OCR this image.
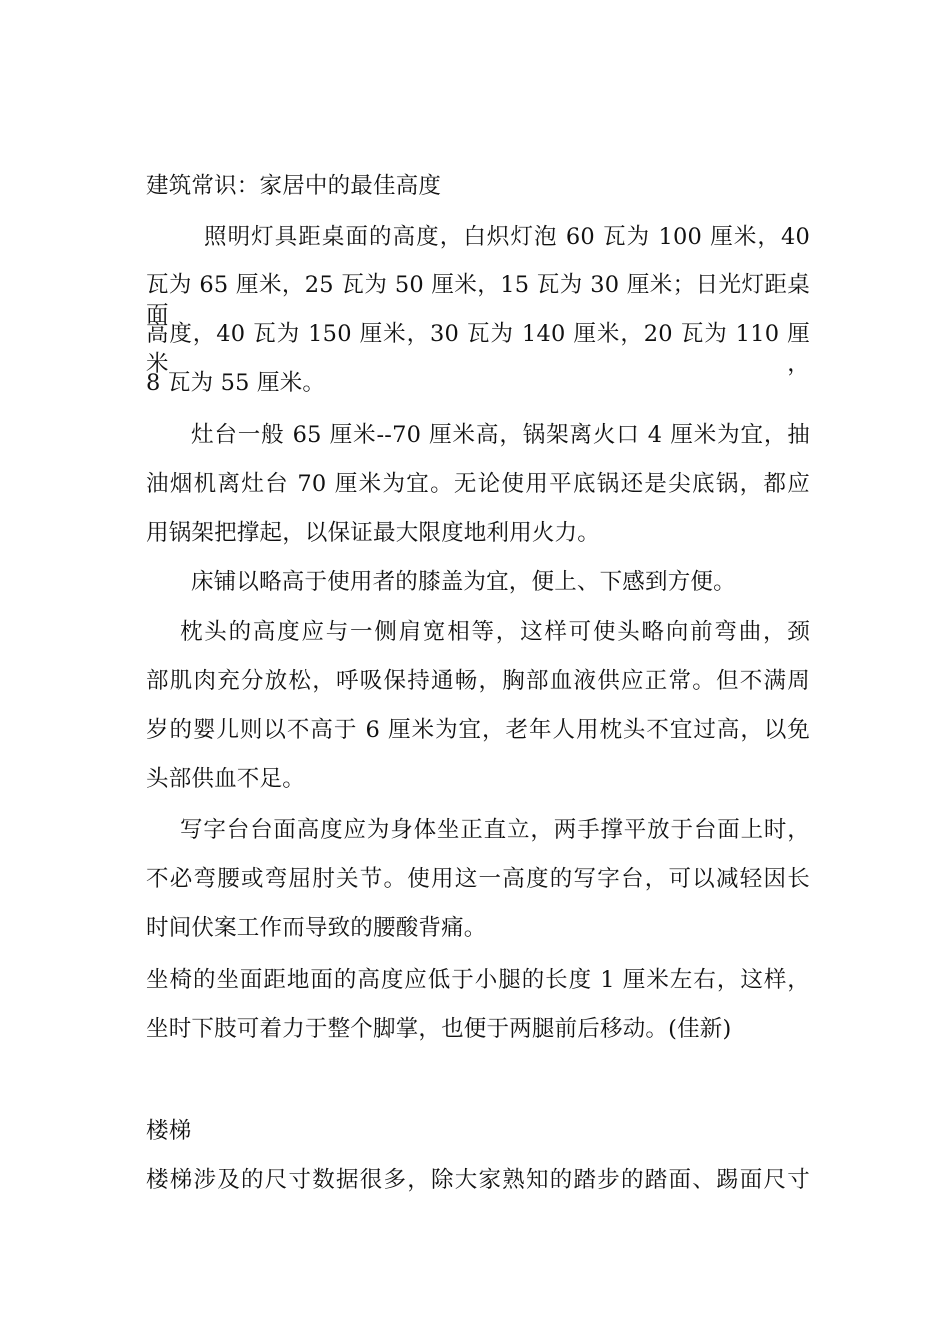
建筑常识：家居中的最佳高度
照明灯具距桌面的高度，白炽灯泡 60 瓦为 100 厘米，40
瓦为 65 厘米，25 瓦为 50 厘米，15 瓦为 30 厘米；日光灯距桌面
高度，40 瓦为 150 厘米，30 瓦为 140 厘米，20 瓦为 110 厘米，
8 瓦为 55 厘米。
灶台一般 65 厘米--70 厘米高，锅架离火口 4 厘米为宜，抽
油烟机离灶台 70 厘米为宜。无论使用平底锅还是尖底锅，都应
用锅架把撑起，以保证最大限度地利用火力。
床铺以略高于使用者的膝盖为宜，便上、下感到方便。
枕头的高度应与一侧肩宽相等，这样可使头略向前弯曲，颈
部肌肉充分放松，呼吸保持通畅，胸部血液供应正常。但不满周
岁的婴儿则以不高于 6 厘米为宜，老年人用枕头不宜过高，以免
头部供血不足。
写字台台面高度应为身体坐正直立，两手撑平放于台面上时，
不必弯腰或弯屈肘关节。使用这一高度的写字台，可以减轻因长
时间伏案工作而导致的腰酸背痛。
坐椅的坐面距地面的高度应低于小腿的长度 1 厘米左右，这样，
坐时下肢可着力于整个脚掌，也便于两腿前后移动。(佳新)
楼梯
楼梯涉及的尺寸数据很多，除大家熟知的踏步的踏面、踢面尺寸
